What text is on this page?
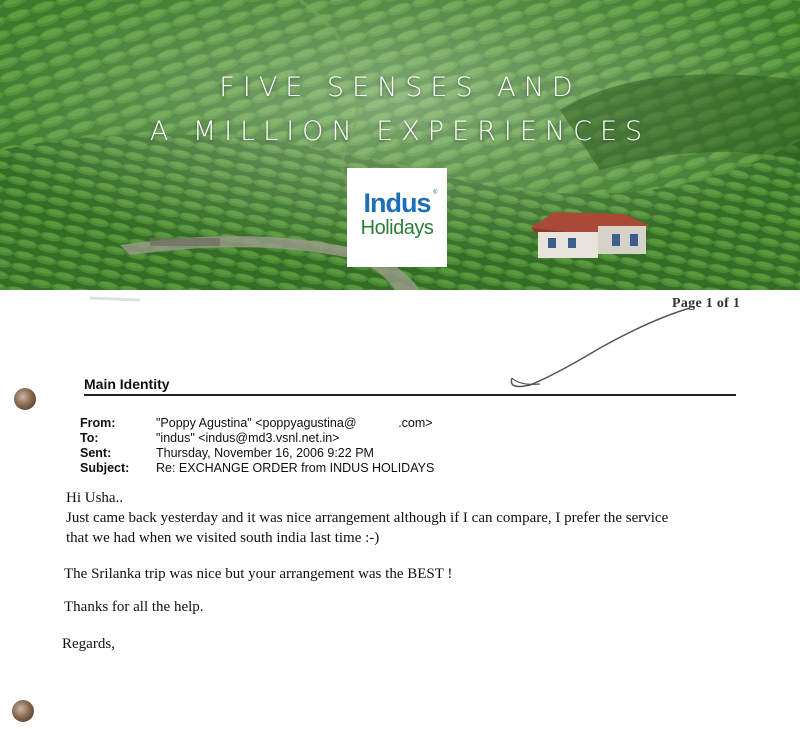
FIVE SENSES AND
A MILLION EXPERIENCES
Indus ®
Holidays
Page 1 of 1
Main Identity
From:	"Poppy Agustina" <poppyagustina@            .com>
To:	"indus" <indus@md3.vsnl.net.in>
Sent:	Thursday, November 16, 2006 9:22 PM
Subject:	Re: EXCHANGE ORDER from INDUS HOLIDAYS
Hi Usha..
Just came back yesterday and it was nice arrangement although if I can compare, I prefer the service
that we had when we visited south india last time :-)
The Srilanka trip was nice but your arrangement was the BEST !
Thanks for all the help.
Regards,
